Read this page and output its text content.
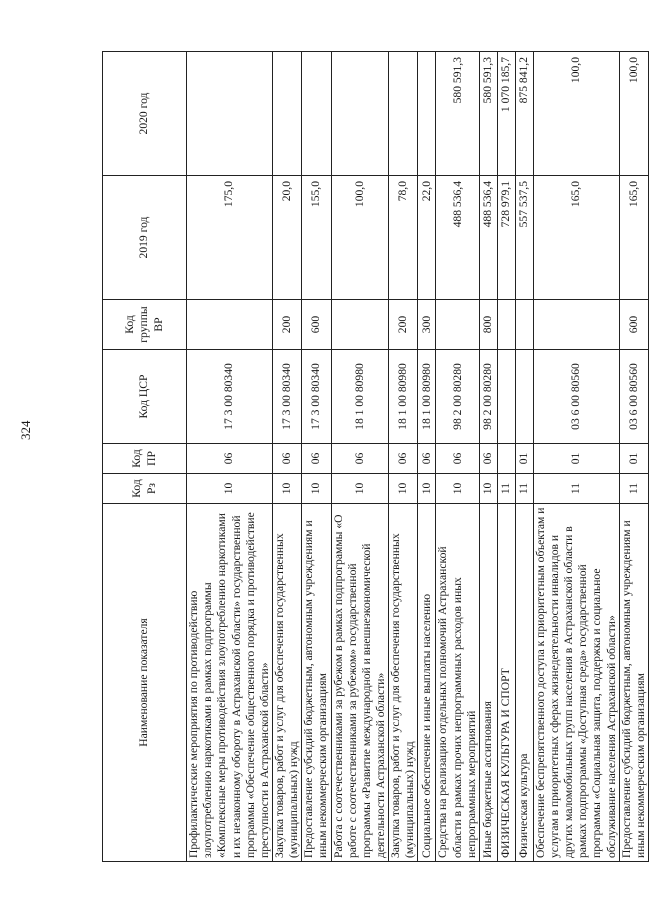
324
Наименование показателя	Код Рз	Код ПР	Код ЦСР	Код группы ВР	2019 год	2020 год
Профилактические мероприятия по противодействию злоупотреблению наркотиками в рамках подпрограммы «Комплексные меры противодействия злоупотреблению наркотиками и их незаконному обороту в Астраханской области» государственной программы «Обеспечение общественного порядка и противодействие преступности в Астраханской области»	10	06	17 3 00 80340		175,0	
Закупка товаров, работ и услуг для обеспечения государственных (муниципальных) нужд	10	06	17 3 00 80340	200	20,0	
Предоставление субсидий бюджетным, автономным учреждениям и иным некоммерческим организациям	10	06	17 3 00 80340	600	155,0	
Работа с соотечественниками за рубежом в рамках подпрограммы «О работе с соотечественниками за рубежом» государственной программы «Развитие международной и внешнеэкономической деятельности Астраханской области»	10	06	18 1 00 80980		100,0	
Закупка товаров, работ и услуг для обеспечения государственных (муниципальных) нужд	10	06	18 1 00 80980	200	78,0	
Социальное обеспечение и иные выплаты населению	10	06	18 1 00 80980	300	22,0	
Средства на реализацию отдельных полномочий Астраханской области в рамках прочих непрограммных расходов иных непрограммных мероприятий	10	06	98 2 00 80280		488 536,4	580 591,3
Иные бюджетные ассигнования	10	06	98 2 00 80280	800	488 536,4	580 591,3
ФИЗИЧЕСКАЯ КУЛЬТУРА И СПОРТ	11				728 979,1	1 070 185,7
Физическая культура	11	01			557 537,5	875 841,2
Обеспечение беспрепятственного доступа к приоритетным объектам и услугам в приоритетных сферах жизнедеятельности инвалидов и других маломобильных групп населения в Астраханской области в рамках подпрограммы «Доступная среда» государственной программы «Социальная защита, поддержка и социальное обслуживание населения Астраханской области»	11	01	03 6 00 80560		165,0	100,0
Предоставление субсидий бюджетным, автономным учреждениям и иным некоммерческим организациям	11	01	03 6 00 80560	600	165,0	100,0
